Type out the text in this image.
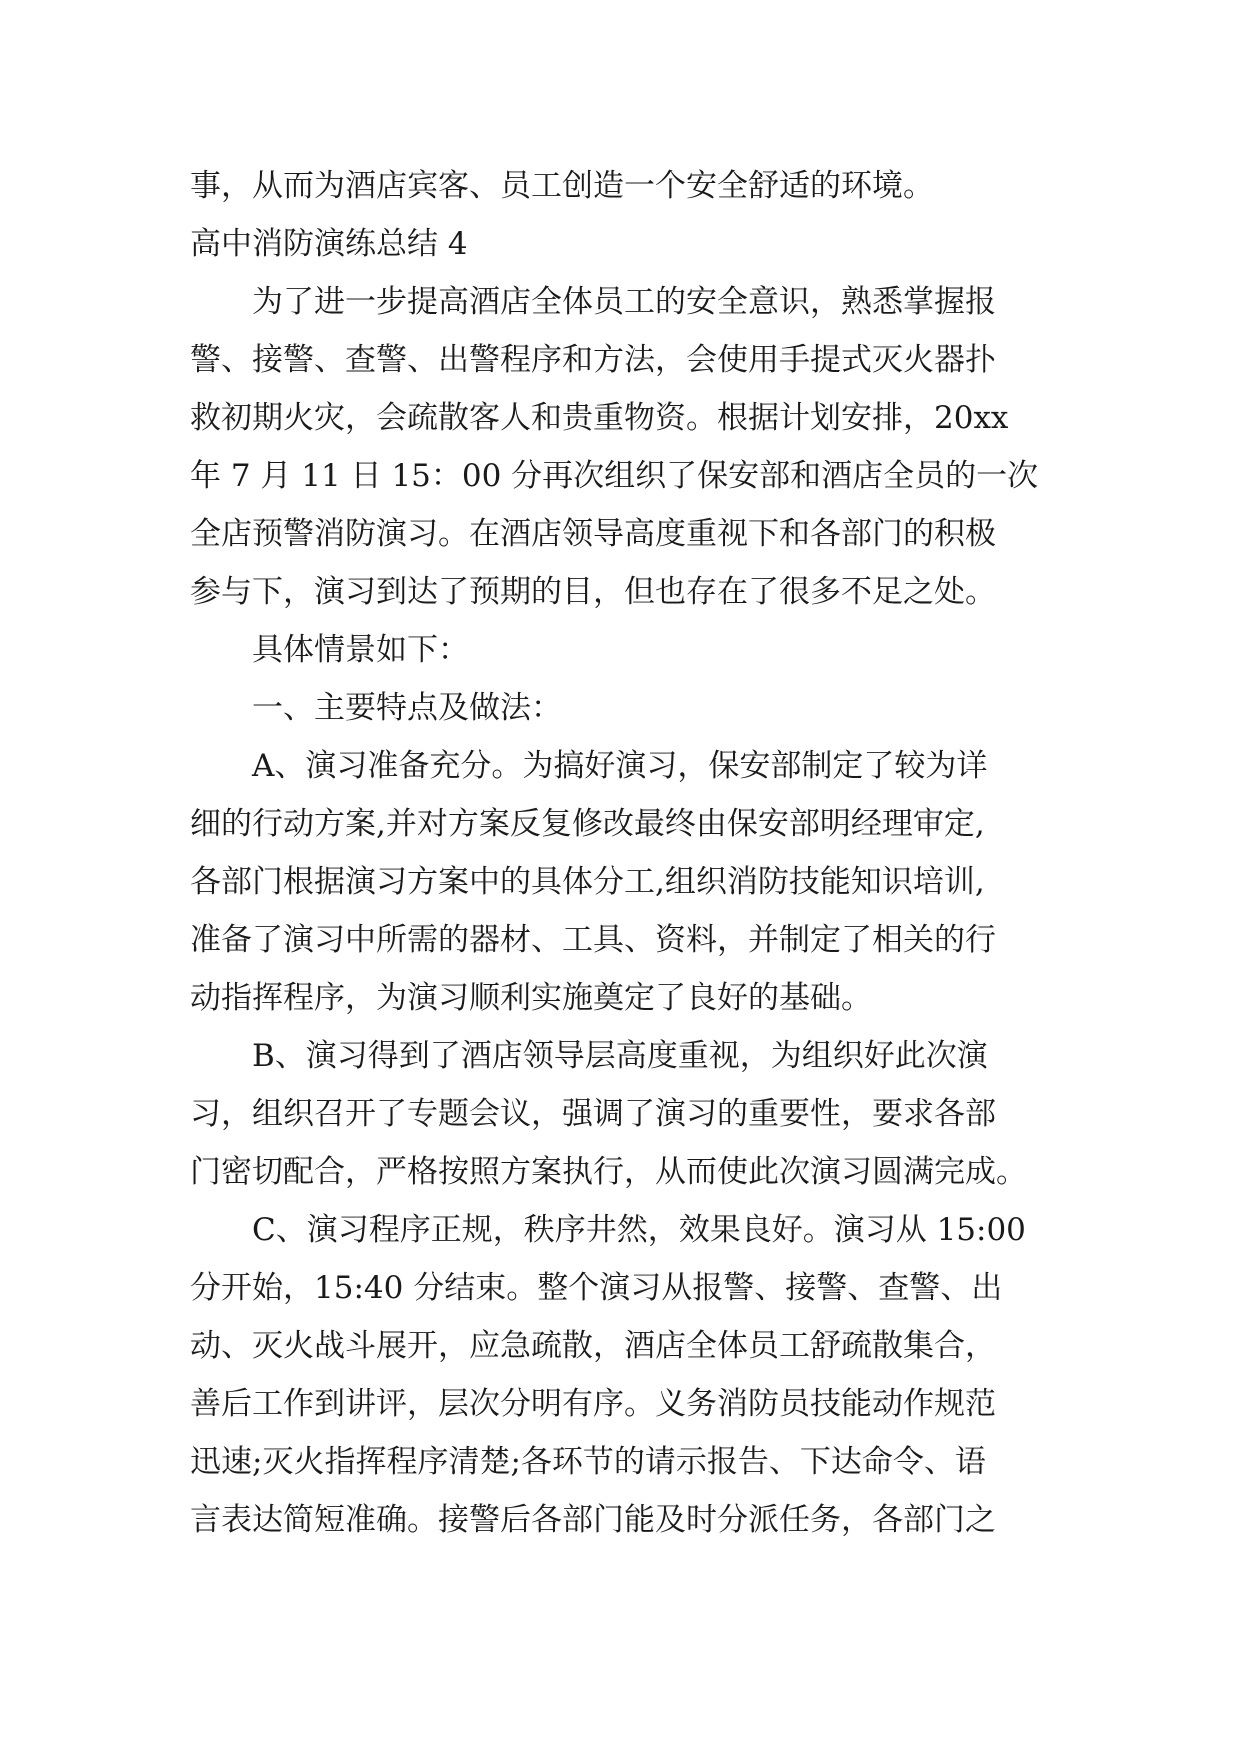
事，从而为酒店宾客、员工创造一个安全舒适的环境。
高中消防演练总结 4
为了进一步提高酒店全体员工的安全意识，熟悉掌握报
警、接警、查警、出警程序和方法，会使用手提式灭火器扑
救初期火灾，会疏散客人和贵重物资。根据计划安排，20xx
年 7 月 11 日 15：00 分再次组织了保安部和酒店全员的一次
全店预警消防演习。在酒店领导高度重视下和各部门的积极
参与下，演习到达了预期的目，但也存在了很多不足之处。
具体情景如下：
一、主要特点及做法：
A、演习准备充分。为搞好演习，保安部制定了较为详
细的行动方案,并对方案反复修改最终由保安部明经理审定,
各部门根据演习方案中的具体分工,组织消防技能知识培训,
准备了演习中所需的器材、工具、资料，并制定了相关的行
动指挥程序，为演习顺利实施奠定了良好的基础。
B、演习得到了酒店领导层高度重视，为组织好此次演
习，组织召开了专题会议，强调了演习的重要性，要求各部
门密切配合，严格按照方案执行，从而使此次演习圆满完成。
C、演习程序正规，秩序井然，效果良好。演习从 15:00
分开始，15:40 分结束。整个演习从报警、接警、查警、出
动、灭火战斗展开，应急疏散，酒店全体员工舒疏散集合，
善后工作到讲评，层次分明有序。义务消防员技能动作规范
迅速;灭火指挥程序清楚;各环节的请示报告、下达命令、语
言表达简短准确。接警后各部门能及时分派任务，各部门之
